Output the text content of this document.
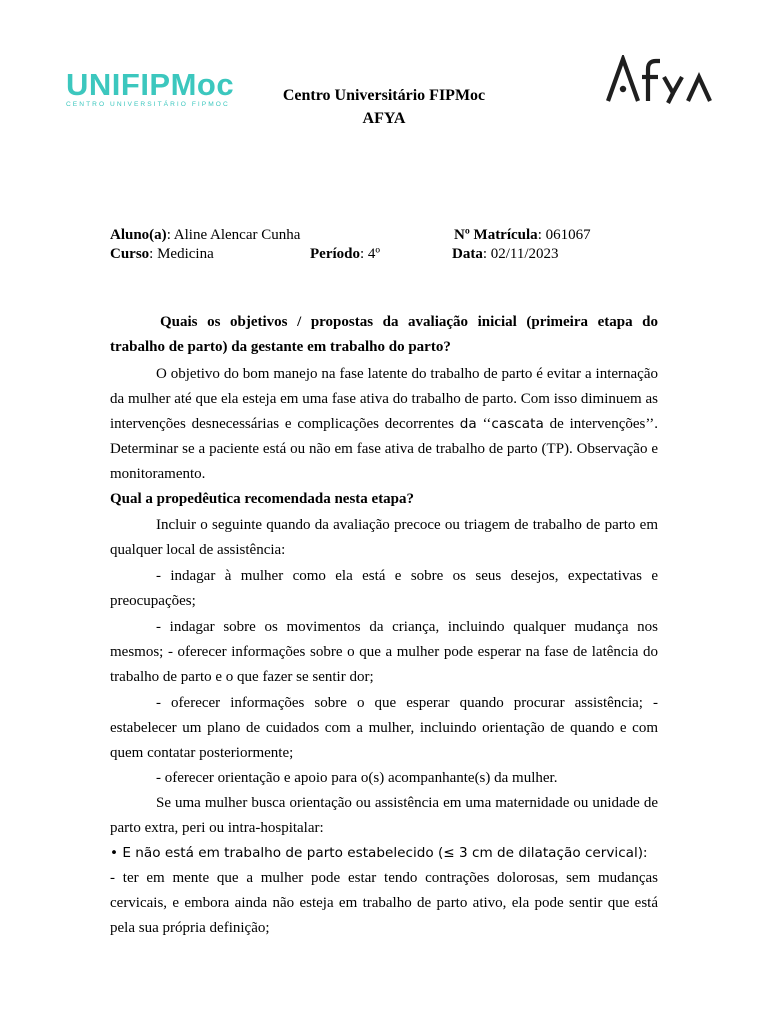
UNIFIPMoc
CENTRO UNIVERSITÁRIO FIPMOC
Centro Universitário FIPMoc
AFYA
Aluno(a): Aline Alencar Cunha	Nº Matrícula: 061067
Curso: Medicina	Período: 4º	Data: 02/11/2023

Quais os objetivos / propostas da avaliação inicial (primeira etapa do trabalho de parto) da gestante em trabalho do parto?

O objetivo do bom manejo na fase latente do trabalho de parto é evitar a internação da mulher até que ela esteja em uma fase ativa do trabalho de parto. Com isso diminuem as intervenções desnecessárias e complicações decorrentes da ‘‘cascata de intervenções’’. Determinar se a paciente está ou não em fase ativa de trabalho de parto (TP). Observação e monitoramento.

Qual a propedêutica recomendada nesta etapa?

Incluir o seguinte quando da avaliação precoce ou triagem de trabalho de parto em qualquer local de assistência:

- indagar à mulher como ela está e sobre os seus desejos, expectativas e preocupações;

- indagar sobre os movimentos da criança, incluindo qualquer mudança nos mesmos; - oferecer informações sobre o que a mulher pode esperar na fase de latência do trabalho de parto e o que fazer se sentir dor;

- oferecer informações sobre o que esperar quando procurar assistência; - estabelecer um plano de cuidados com a mulher, incluindo orientação de quando e com quem contatar posteriormente;

- oferecer orientação e apoio para o(s) acompanhante(s) da mulher.

Se uma mulher busca orientação ou assistência em uma maternidade ou unidade de parto extra, peri ou intra-hospitalar:

• E não está em trabalho de parto estabelecido (≤ 3 cm de dilatação cervical):

- ter em mente que a mulher pode estar tendo contrações dolorosas, sem mudanças cervicais, e embora ainda não esteja em trabalho de parto ativo, ela pode sentir que está pela sua própria definição;
